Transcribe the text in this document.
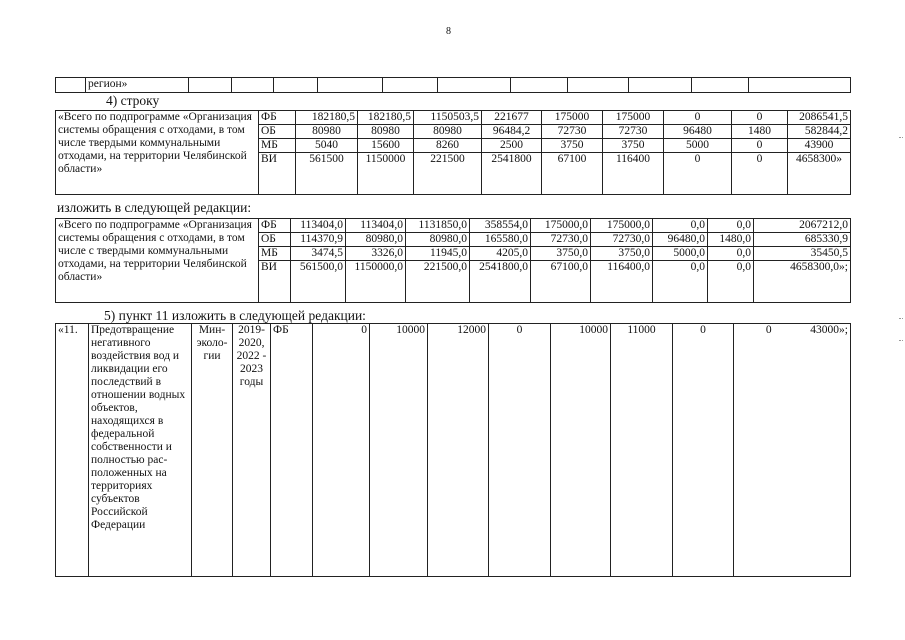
8
	регион»											
4) строку
«Всего по подпрограмме «Организация системы обращения с отходами, в том числе твердыми коммунальными отходами, на территории Челябинской области»	ФБ	182180,5	182180,5	1150503,5	221677	175000	175000	0	0	2086541,5
	ОБ	80980	80980	80980	96484,2	72730	72730	96480	1480	582844,2
	МБ	5040	15600	8260	2500	3750	3750	5000	0	43900
	ВИ	561500	1150000	221500	2541800	67100	116400	0	0	4658300»
изложить в следующей редакции:
«Всего по подпрограмме «Организация системы обращения с отходами, в том числе с твердыми коммунальными отходами, на территории Челябинской области»	ФБ	113404,0	113404,0	1131850,0	358554,0	175000,0	175000,0	0,0	0,0	2067212,0
	ОБ	114370,9	80980,0	80980,0	165580,0	72730,0	72730,0	96480,0	1480,0	685330,9
	МБ	3474,5	3326,0	11945,0	4205,0	3750,0	3750,0	5000,0	0,0	35450,5
	ВИ	561500,0	1150000,0	221500,0	2541800,0	67100,0	116400,0	0,0	0,0	4658300,0»;
5) пункт 11 изложить в следующей редакции:
«11.	Предотвращение негативного воздействия вод и ликвидации его последствий в отношении водных объектов, находящихся в федеральной собственности и полностью рас-положенных на территориях субъектов Российской Федерации	Мин-эколо-гии	2019-2020, 2022 - 2023 годы	ФБ	0	10000	12000	0	10000	11000	0	0	43000»;
